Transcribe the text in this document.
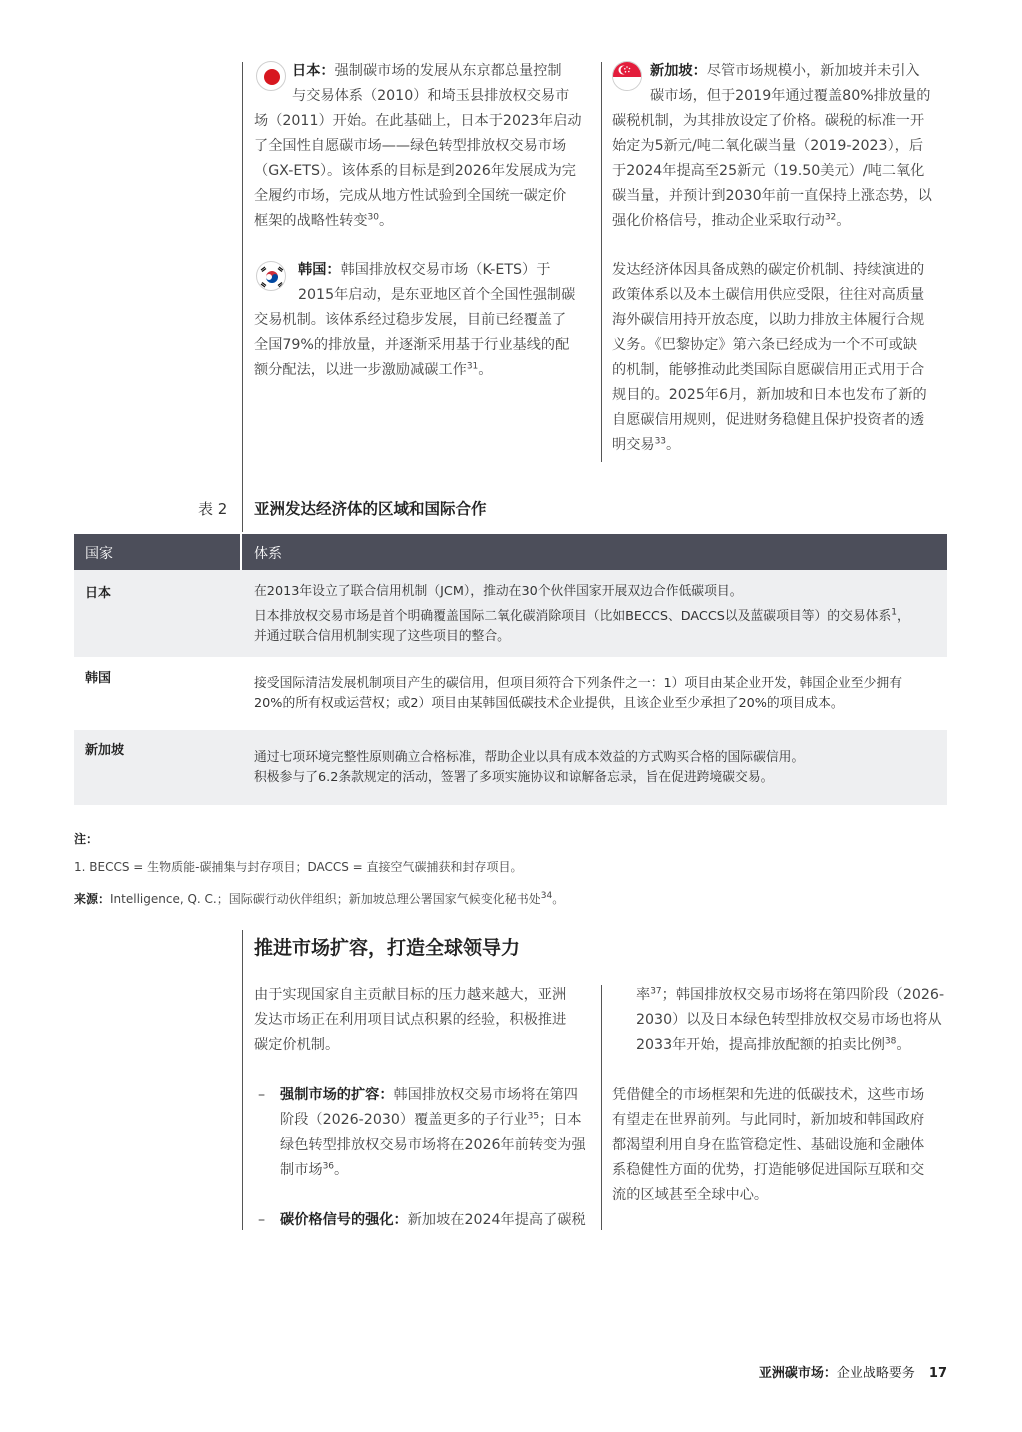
日本：强制碳市场的发展从东京都总量控制
与交易体系（2010）和埼玉县排放权交易市
场（2011）开始。在此基础上，日本于2023年启动
了全国性自愿碳市场——绿色转型排放权交易市场
（GX-ETS）。该体系的目标是到2026年发展成为完
全履约市场，完成从地方性试验到全国统一碳定价
框架的战略性转变$^{30}$。
韩国：韩国排放权交易市场（K-ETS）于
2015年启动，是东亚地区首个全国性强制碳
交易机制。该体系经过稳步发展，目前已经覆盖了
全国79%的排放量，并逐渐采用基于行业基线的配
额分配法，以进一步激励减碳工作$^{31}$。
新加坡：尽管市场规模小，新加坡并未引入
碳市场，但于2019年通过覆盖80%排放量的
碳税机制，为其排放设定了价格。碳税的标准一开
始定为5新元/吨二氧化碳当量（2019-2023），后
于2024年提高至25新元（19.50美元）/吨二氧化
碳当量，并预计到2030年前一直保持上涨态势，以
强化价格信号，推动企业采取行动$^{32}$。
发达经济体因具备成熟的碳定价机制、持续演进的
政策体系以及本土碳信用供应受限，往往对高质量
海外碳信用持开放态度，以助力排放主体履行合规
义务。《巴黎协定》第六条已经成为一个不可或缺
的机制，能够推动此类国际自愿碳信用正式用于合
规目的。2025年6月，新加坡和日本也发布了新的
自愿碳信用规则，促进财务稳健且保护投资者的透
明交易$^{33}$。
表 2 亚洲发达经济体的区域和国际合作
国家	体系
日本	在2013年设立了联合信用机制（JCM），推动在30个伙伴国家开展双边合作低碳项目。
日本排放权交易市场是首个明确覆盖国际二氧化碳消除项目（比如BECCS、DACCS以及蓝碳项目等）的交易体系$^1$，
并通过联合信用机制实现了这些项目的整合。
韩国	接受国际清洁发展机制项目产生的碳信用，但项目须符合下列条件之一：1）项目由某企业开发，韩国企业至少拥有
20%的所有权或运营权；或2）项目由某韩国低碳技术企业提供，且该企业至少承担了20%的项目成本。
新加坡	通过七项环境完整性原则确立合格标准，帮助企业以具有成本效益的方式购买合格的国际碳信用。
积极参与了6.2条款规定的活动，签署了多项实施协议和谅解备忘录，旨在促进跨境碳交易。
注：
1. BECCS = 生物质能-碳捕集与封存项目；DACCS = 直接空气碳捕获和封存项目。
来源：Intelligence, Q. C.；国际碳行动伙伴组织；新加坡总理公署国家气候变化秘书处$^{34}$。
推进市场扩容，打造全球领导力
由于实现国家自主贡献目标的压力越来越大，亚洲
发达市场正在利用项目试点积累的经验，积极推进
碳定价机制。
– 强制市场的扩容：韩国排放权交易市场将在第四
阶段（2026-2030）覆盖更多的子行业$^{35}$；日本
绿色转型排放权交易市场将在2026年前转变为强
制市场$^{36}$。
– 碳价格信号的强化：新加坡在2024年提高了碳税
率$^{37}$；韩国排放权交易市场将在第四阶段（2026-
2030）以及日本绿色转型排放权交易市场也将从
2033年开始，提高排放配额的拍卖比例$^{38}$。
凭借健全的市场框架和先进的低碳技术，这些市场
有望走在世界前列。与此同时，新加坡和韩国政府
都渴望利用自身在监管稳定性、基础设施和金融体
系稳健性方面的优势，打造能够促进国际互联和交
流的区域甚至全球中心。
亚洲碳市场：企业战略要务 17
